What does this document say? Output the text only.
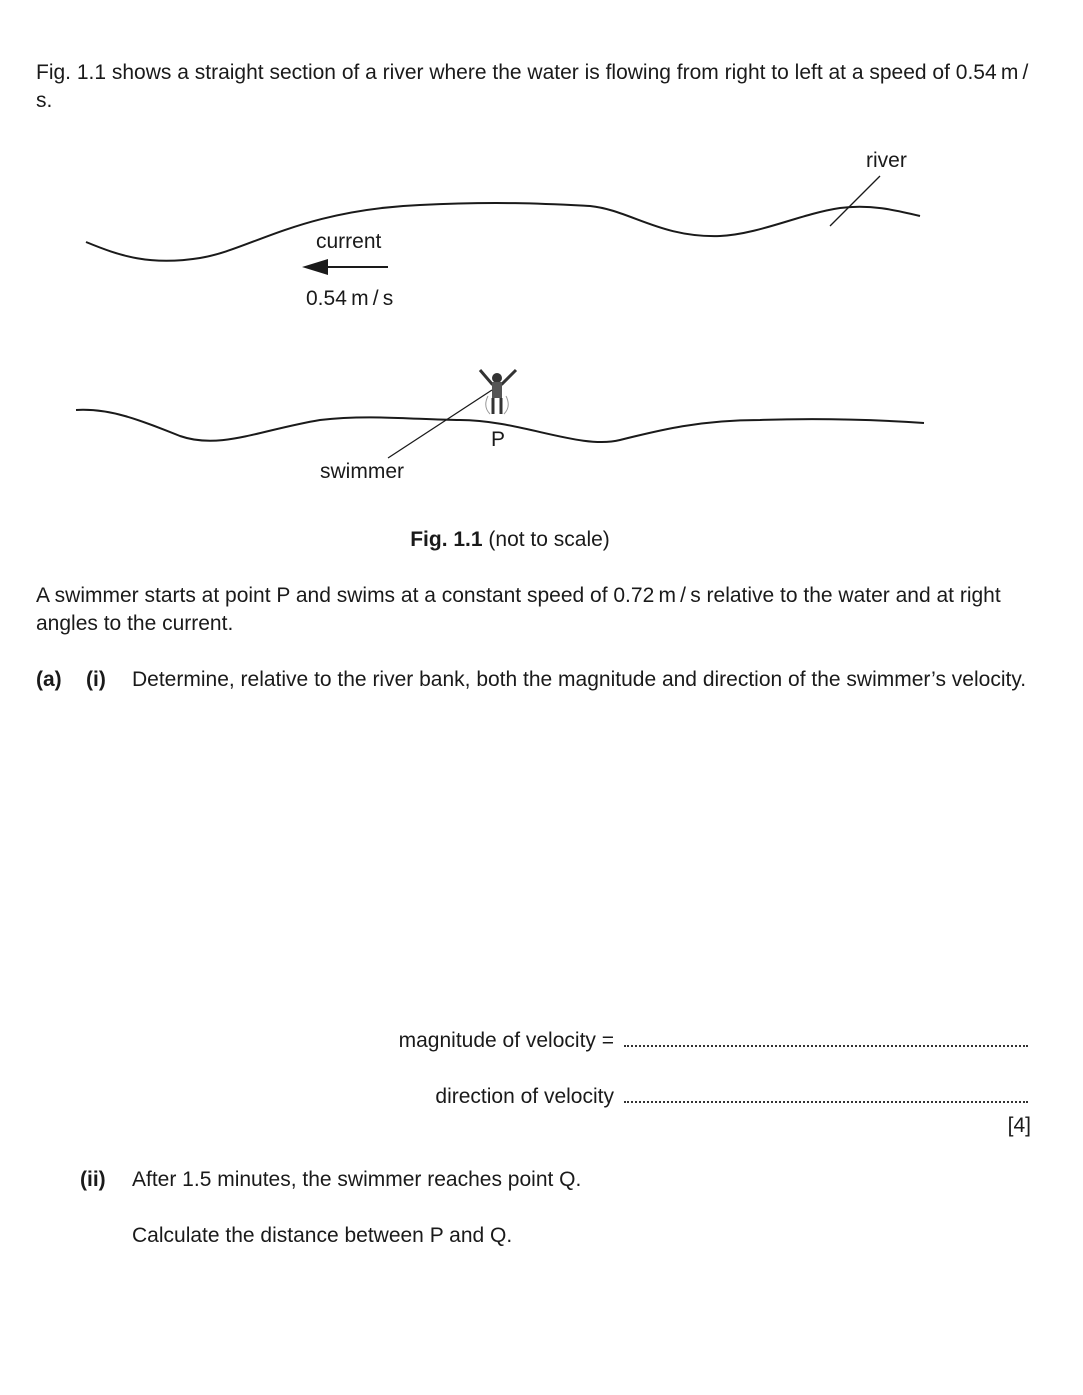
Fig. 1.1 shows a straight section of a river where the water is flowing from right to left at a speed of 0.54 m / s.
river
current
0.54 m / s
P
swimmer
Fig. 1.1 (not to scale)
A swimmer starts at point P and swims at a constant speed of 0.72 m / s relative to the water and at right angles to the current.
(a) (i) Determine, relative to the river bank, both the magnitude and direction of the swimmer’s velocity.
magnitude of velocity =
direction of velocity
[4]
(ii) After 1.5 minutes, the swimmer reaches point Q.
Calculate the distance between P and Q.
